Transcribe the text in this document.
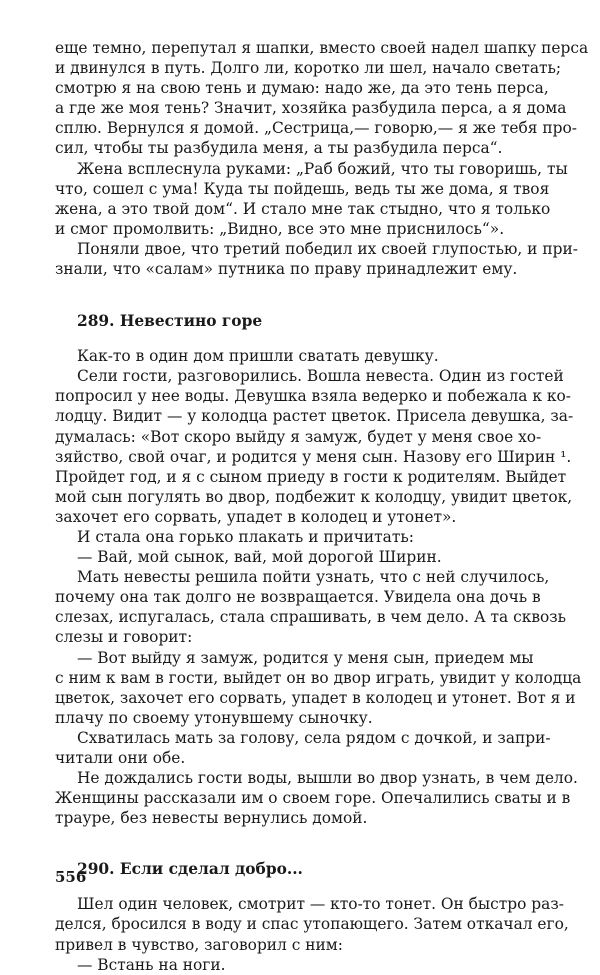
еще темно, перепутал я шапки, вместо своей надел шапку перса
и двинулся в путь. Долго ли, коротко ли шел, начало светать;
смотрю я на свою тень и думаю: надо же, да это тень перса,
а где же моя тень? Значит, хозяйка разбудила перса, а я дома
сплю. Вернулся я домой. „Сестрица,— говорю,— я же тебя про-
сил, чтобы ты разбудила меня, а ты разбудила перса“.
Жена всплеснула руками: „Раб божий, что ты говоришь, ты
что, сошел с ума! Куда ты пойдешь, ведь ты же дома, я твоя
жена, а это твой дом“. И стало мне так стыдно, что я только
и смог промолвить: „Видно, все это мне приснилось“».
Поняли двое, что третий победил их своей глупостью, и при-
знали, что «салам» путника по праву принадлежит ему.
289. Невестино горе
Как-то в один дом пришли сватать девушку.
Сели гости, разговорились. Вошла невеста. Один из гостей
попросил у нее воды. Девушка взяла ведерко и побежала к ко-
лодцу. Видит — у колодца растет цветок. Присела девушка, за-
думалась: «Вот скоро выйду я замуж, будет у меня свое хо-
зяйство, свой очаг, и родится у меня сын. Назову его Ширин ¹.
Пройдет год, и я с сыном приеду в гости к родителям. Выйдет
мой сын погулять во двор, подбежит к колодцу, увидит цветок,
захочет его сорвать, упадет в колодец и утонет».
И стала она горько плакать и причитать:
— Вай, мой сынок, вай, мой дорогой Ширин.
Мать невесты решила пойти узнать, что с ней случилось,
почему она так долго не возвращается. Увидела она дочь в
слезах, испугалась, стала спрашивать, в чем дело. А та сквозь
слезы и говорит:
— Вот выйду я замуж, родится у меня сын, приедем мы
с ним к вам в гости, выйдет он во двор играть, увидит у колодца
цветок, захочет его сорвать, упадет в колодец и утонет. Вот я и
плачу по своему утонувшему сыночку.
Схватилась мать за голову, села рядом с дочкой, и запри-
читали они обе.
Не дождались гости воды, вышли во двор узнать, в чем дело.
Женщины рассказали им о своем горе. Опечалились сваты и в
трауре, без невесты вернулись домой.
290. Если сделал добро...
Шел один человек, смотрит — кто-то тонет. Он быстро раз-
делся, бросился в воду и спас утопающего. Затем откачал его,
привел в чувство, заговорил с ним:
— Встань на ноги.
556
